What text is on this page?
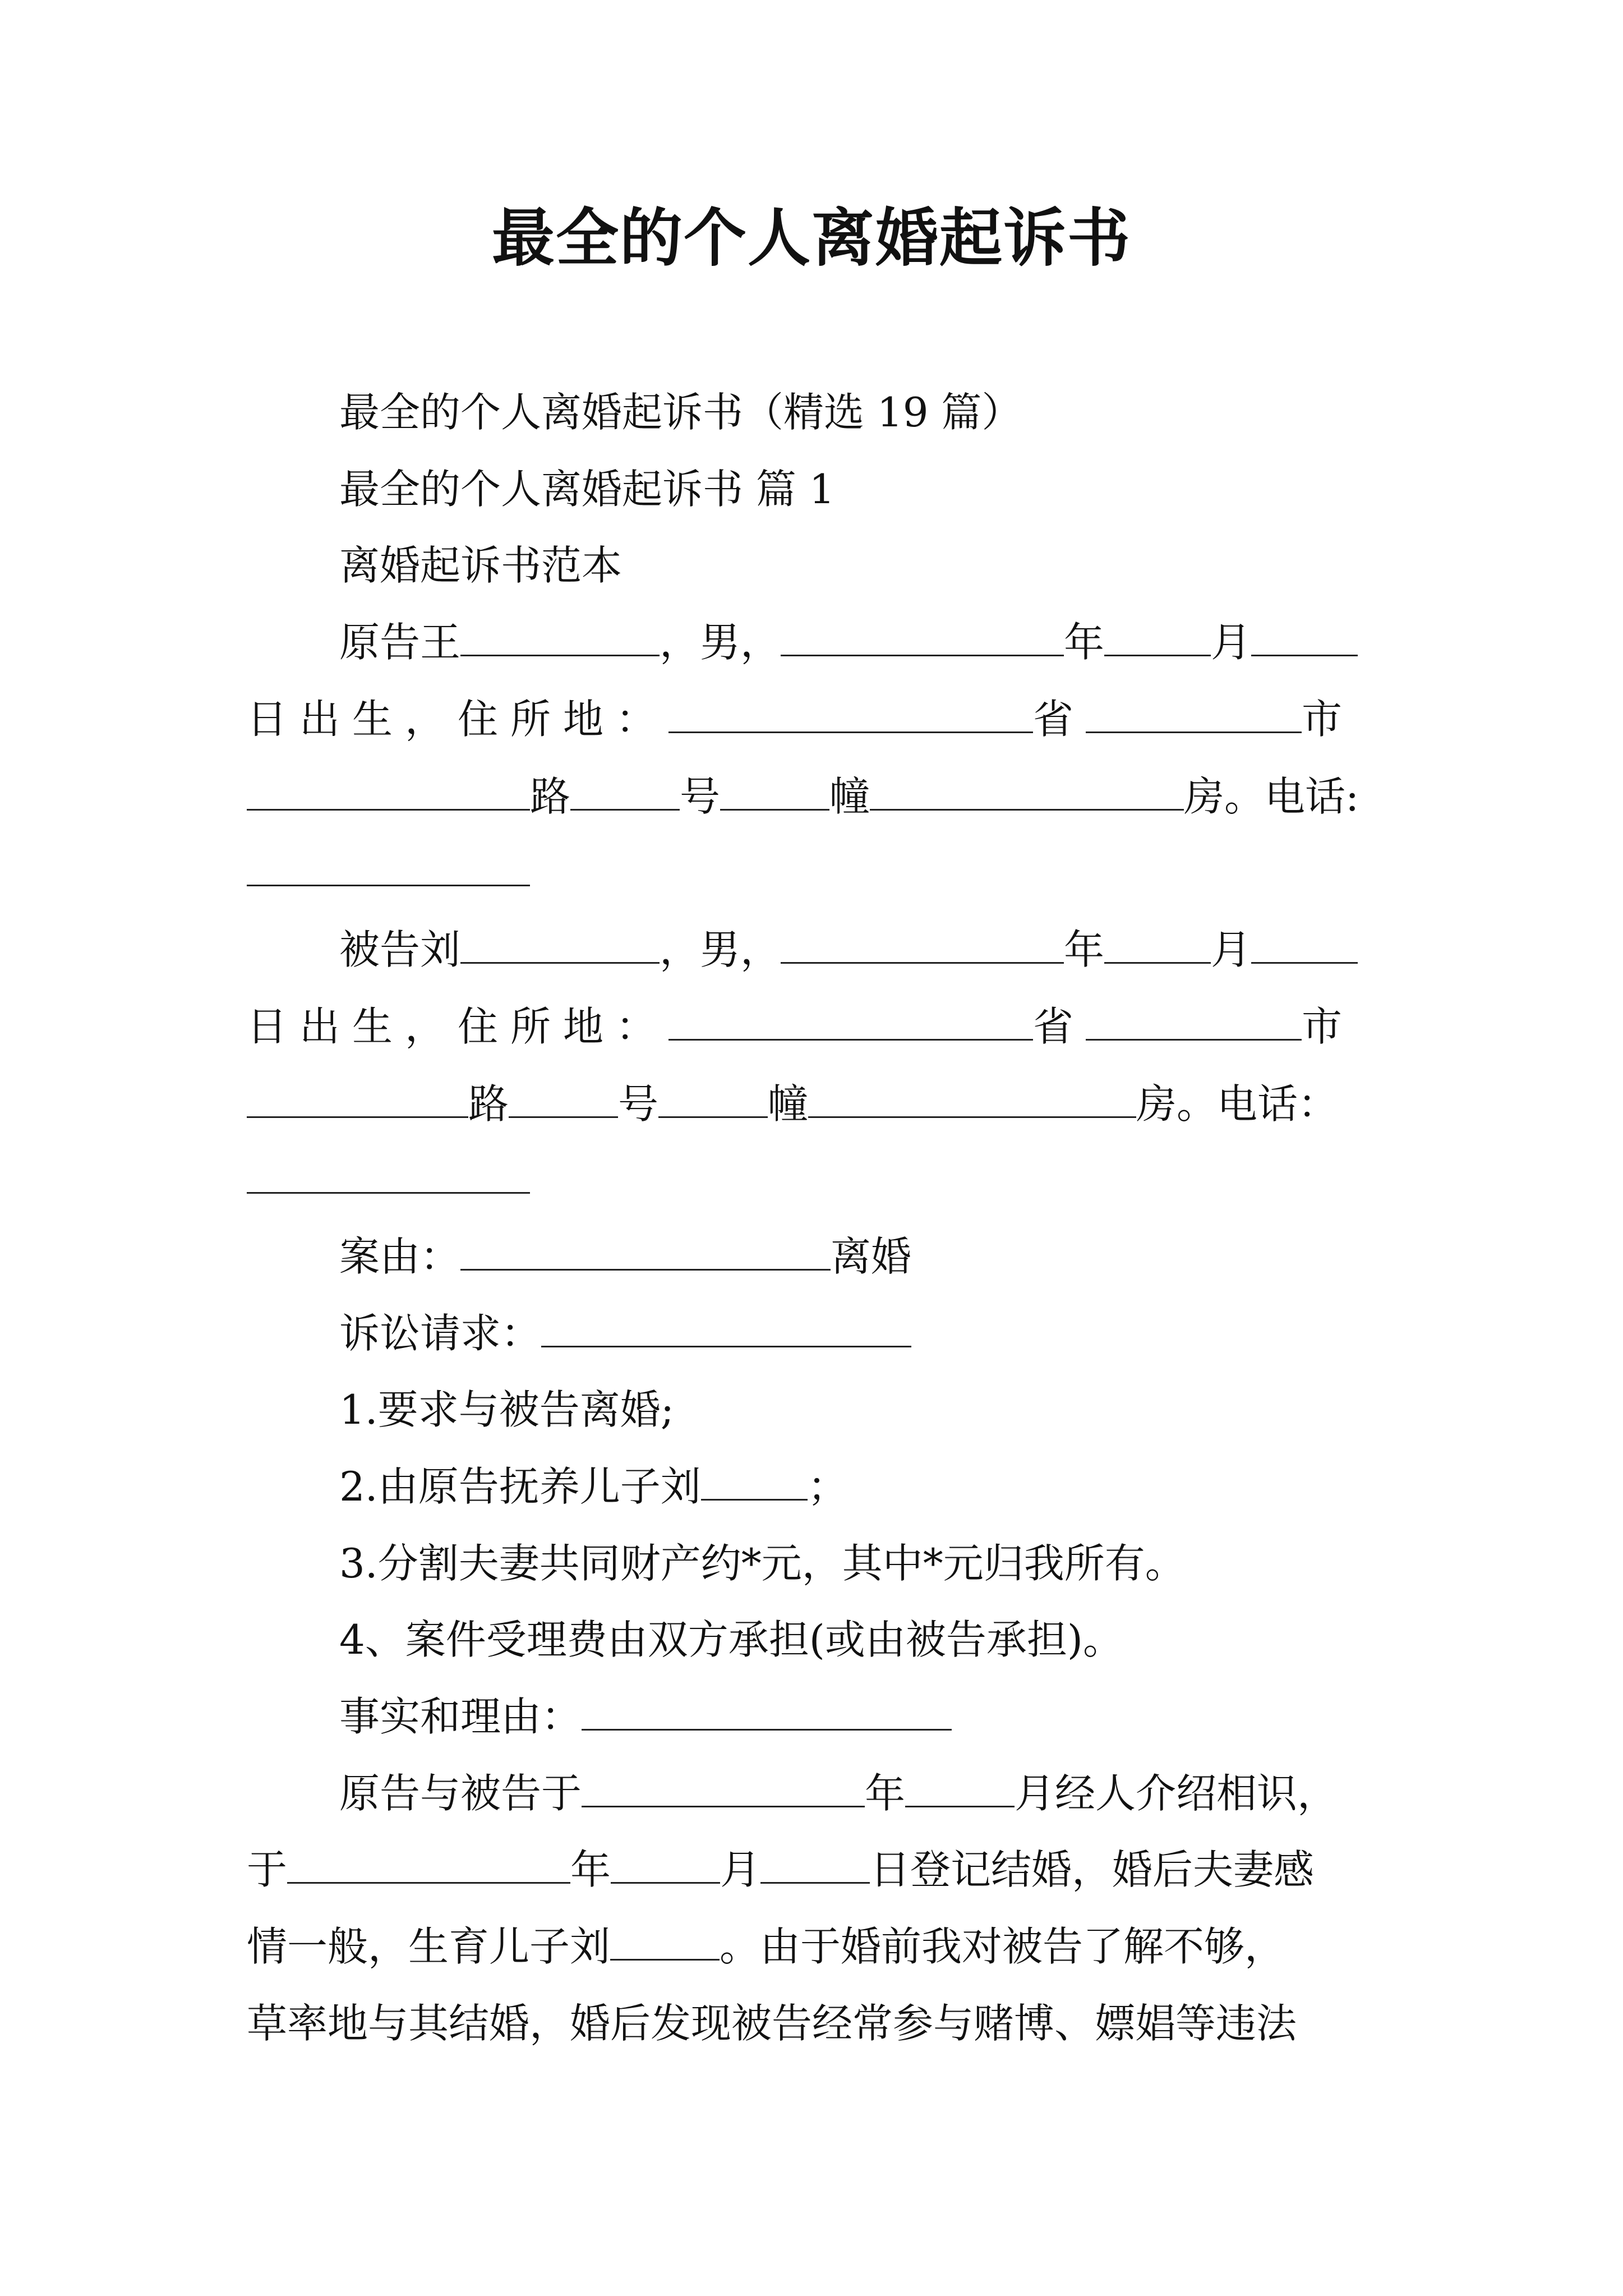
最全的个人离婚起诉书
最全的个人离婚起诉书（精选 19 篇）
最全的个人离婚起诉书 篇 1
离婚起诉书范本
原告王	，男，	年	月
日出生，住所地：	省	市
路	号	幢	房。电话:
被告刘	，男，	年	月
日出生，住所地：	省	市
路	号	幢	房。电话：
案由：	离婚
诉讼请求：
1.要求与被告离婚;
2.由原告抚养儿子刘	；
3.分割夫妻共同财产约*元，其中*元归我所有。
4、案件受理费由双方承担(或由被告承担)。
事实和理由：
原告与被告于	年	月经人介绍相识，
于	年	月	日登记结婚，婚后夫妻感
情一般，生育儿子刘	。由于婚前我对被告了解不够，
草率地与其结婚，婚后发现被告经常参与赌博、嫖娼等违法
